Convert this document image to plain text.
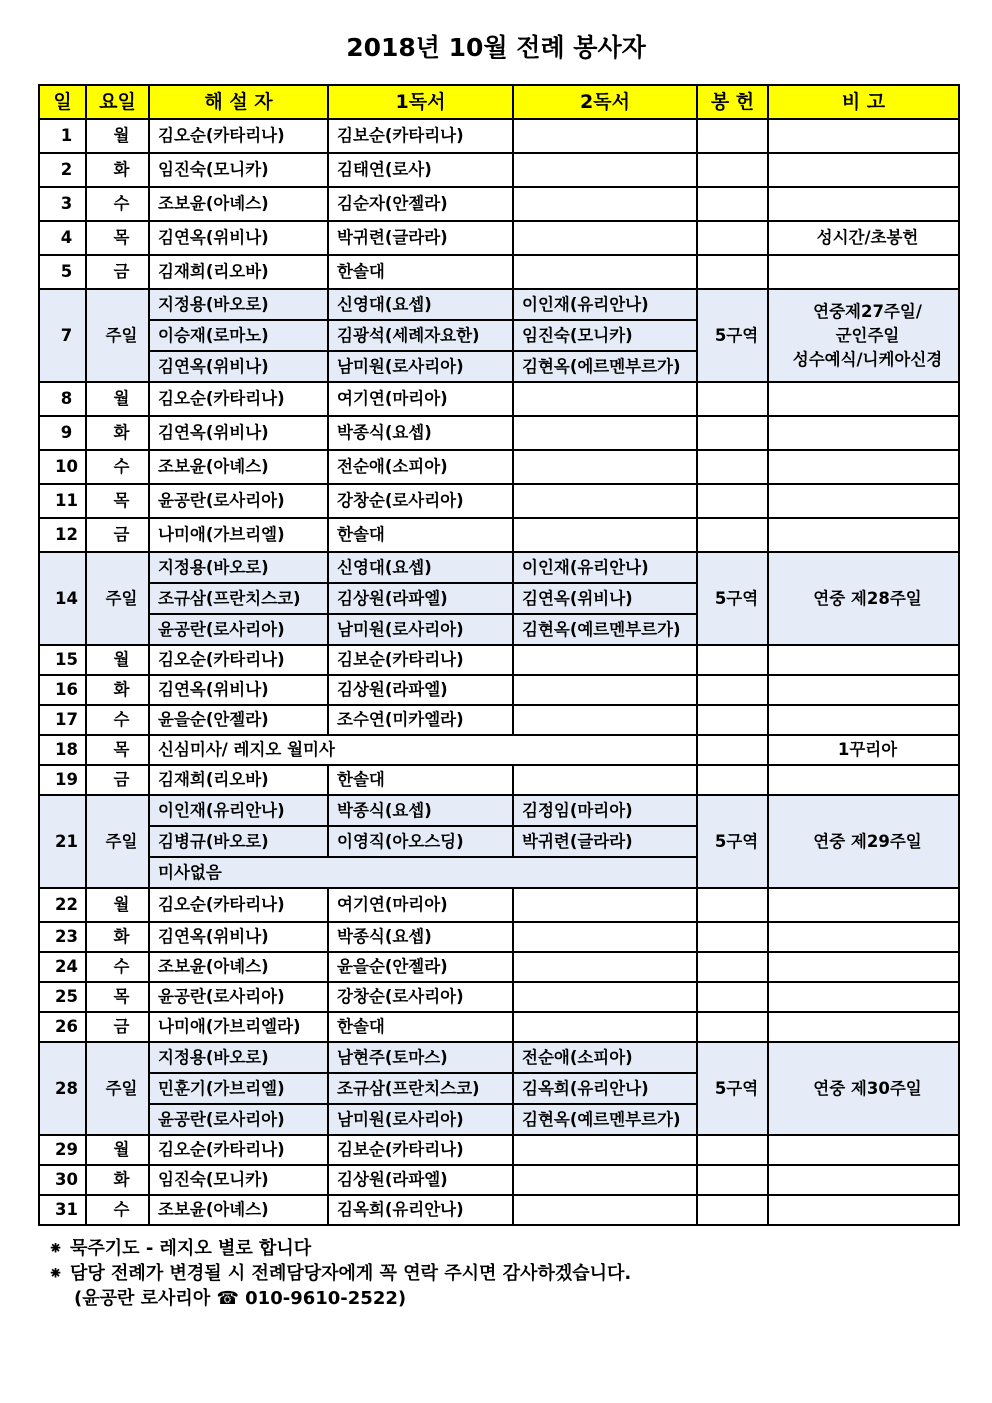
2018년 10월 전례 봉사자
일	요일	해 설 자	1독서	2독서	봉 헌	비 고
1	월	김오순(카타리나)	김보순(카타리나)			
2	화	임진숙(모니카)	김태연(로사)			
3	수	조보윤(아녜스)	김순자(안젤라)			
4	목	김연옥(위비나)	박귀련(글라라)			성시간/초봉헌
5	금	김재희(리오바)	한솔대			
7	주일	지정용(바오로)	신영대(요셉)	이인재(유리안나)	5구역	연중제27주일/
군인주일
성수예식/니케아신경

		이승재(로마노)	김광석(세례자요한)	임진숙(모니카)		
		김연옥(위비나)	남미원(로사리아)	김현옥(에르멘부르가)		
8	월	김오순(카타리나)	여기연(마리아)			
9	화	김연옥(위비나)	박종식(요셉)			
10	수	조보윤(아녜스)	전순애(소피아)			
11	목	윤공란(로사리아)	강창순(로사리아)			
12	금	나미애(가브리엘)	한솔대			
14	주일	지정용(바오로)	신영대(요셉)	이인재(유리안나)	5구역	연중 제28주일
		조규삼(프란치스코)	김상원(라파엘)	김연옥(위비나)		
		윤공란(로사리아)	남미원(로사리아)	김현옥(예르멘부르가)		
15	월	김오순(카타리나)	김보순(카타리나)			
16	화	김연옥(위비나)	김상원(라파엘)			
17	수	윤을순(안젤라)	조수연(미카엘라)			
18	목	신심미사/ 레지오 월미사				1꾸리아
19	금	김재희(리오바)	한솔대			
21	주일	이인재(유리안나)	박종식(요셉)	김정임(마리아)	5구역	연중 제29주일
		김병규(바오로)	이영직(아오스딩)	박귀련(글라라)		
		미사없음				
22	월	김오순(카타리나)	여기연(마리아)			
23	화	김연옥(위비나)	박종식(요셉)			
24	수	조보윤(아녜스)	윤을순(안젤라)			
25	목	윤공란(로사리아)	강창순(로사리아)			
26	금	나미애(가브리엘라)	한솔대			
28	주일	지정용(바오로)	남현주(토마스)	전순애(소피아)	5구역	연중 제30주일
		민훈기(가브리엘)	조규삼(프란치스코)	김옥희(유리안나)		
		윤공란(로사리아)	남미원(로사리아)	김현옥(예르멘부르가)		
29	월	김오순(카타리나)	김보순(카타리나)			
30	화	임진숙(모니카)	김상원(라파엘)			
31	수	조보윤(아녜스)	김옥희(유리안나)			
⁕ 묵주기도 - 레지오 별로 합니다
⁕ 담당 전례가 변경될 시 전례담당자에게 꼭 연락 주시면 감사하겠습니다.
(윤공란 로사리아 ☎ 010-9610-2522)
